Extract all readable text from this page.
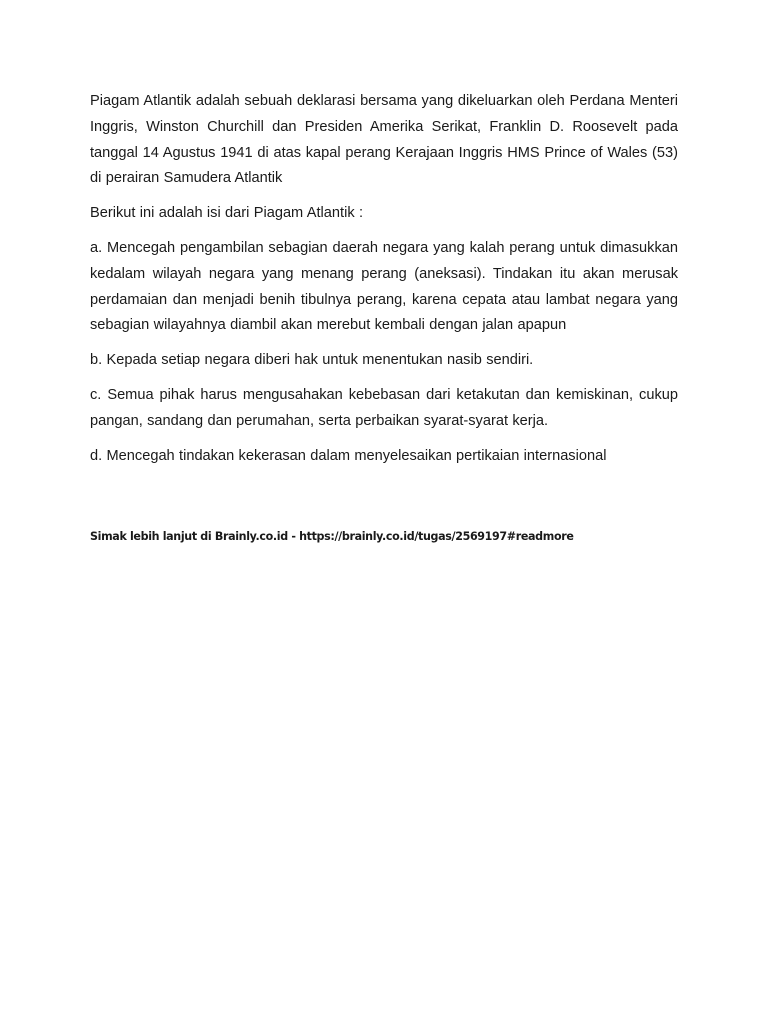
Piagam Atlantik adalah sebuah deklarasi bersama yang dikeluarkan oleh Perdana Menteri Inggris, Winston Churchill dan Presiden Amerika Serikat, Franklin D. Roosevelt pada tanggal 14 Agustus 1941 di atas kapal perang Kerajaan Inggris HMS Prince of Wales (53) di perairan Samudera Atlantik

Berikut ini adalah isi dari Piagam Atlantik :

a. Mencegah pengambilan sebagian daerah negara yang kalah perang untuk dimasukkan kedalam wilayah negara yang menang perang (aneksasi). Tindakan itu akan merusak perdamaian dan menjadi benih tibulnya perang, karena cepata atau lambat negara yang sebagian wilayahnya diambil akan merebut kembali dengan jalan apapun

b. Kepada setiap negara diberi hak untuk menentukan nasib sendiri.

c. Semua pihak harus mengusahakan kebebasan dari ketakutan dan kemiskinan, cukup pangan, sandang dan perumahan, serta perbaikan syarat-syarat kerja.

d. Mencegah tindakan kekerasan dalam menyelesaikan pertikaian internasional

Simak lebih lanjut di Brainly.co.id - https://brainly.co.id/tugas/2569197#readmore
